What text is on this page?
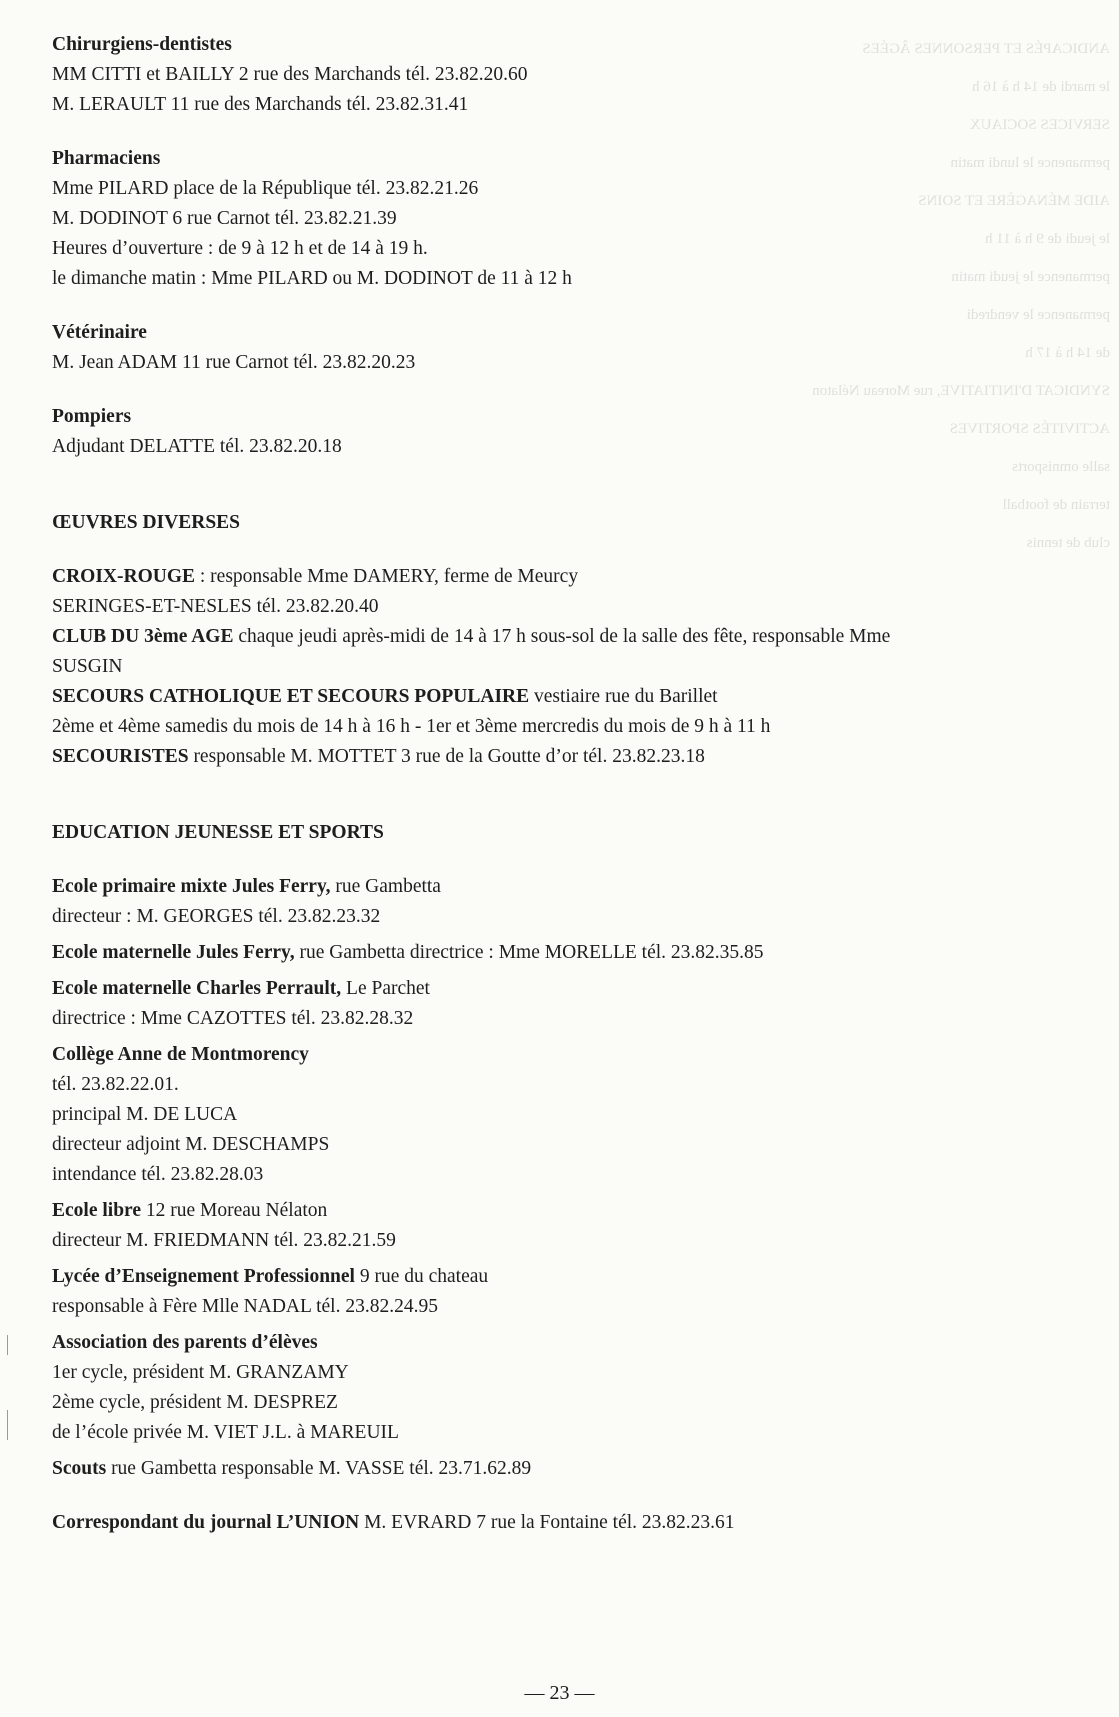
ANDICAPÉS ET PERSONNES ÂGÉES
le mardi de 14 h à 16 h
SERVICES SOCIAUX
permanence le lundi matin
AIDE MÉNAGÈRE ET SOINS
le jeudi de 9 h à 11 h
permanence le jeudi matin
permanence le vendredi
de 14 h à 17 h
SYNDICAT D'INITIATIVE, rue Moreau Nélaton
ACTIVITÉS SPORTIVES
salle omnisports
terrain de football
club de tennis
Chirurgiens-dentistes
MM CITTI et BAILLY 2 rue des Marchands tél. 23.82.20.60
M. LERAULT 11 rue des Marchands tél. 23.82.31.41
Pharmaciens
Mme PILARD place de la République tél. 23.82.21.26
M. DODINOT 6 rue Carnot tél. 23.82.21.39
Heures d’ouverture : de 9 à 12 h et de 14 à 19 h.
le dimanche matin : Mme PILARD ou M. DODINOT de 11 à 12 h
Vétérinaire
M. Jean ADAM 11 rue Carnot tél. 23.82.20.23
Pompiers
Adjudant DELATTE tél. 23.82.20.18
ŒUVRES DIVERSES
CROIX-ROUGE : responsable Mme DAMERY, ferme de Meurcy
SERINGES-ET-NESLES tél. 23.82.20.40
CLUB DU 3ème AGE chaque jeudi après-midi de 14 à 17 h sous-sol de la salle des fête, responsable Mme
SUSGIN
SECOURS CATHOLIQUE ET SECOURS POPULAIRE vestiaire rue du Barillet
2ème et 4ème samedis du mois de 14 h à 16 h - 1er et 3ème mercredis du mois de 9 h à 11 h
SECOURISTES responsable M. MOTTET 3 rue de la Goutte d’or tél. 23.82.23.18
EDUCATION JEUNESSE ET SPORTS
Ecole primaire mixte Jules Ferry, rue Gambetta
directeur : M. GEORGES tél. 23.82.23.32
Ecole maternelle Jules Ferry, rue Gambetta directrice : Mme MORELLE tél. 23.82.35.85
Ecole maternelle Charles Perrault, Le Parchet
directrice : Mme CAZOTTES tél. 23.82.28.32
Collège Anne de Montmorency
tél. 23.82.22.01.
principal M. DE LUCA
directeur adjoint M. DESCHAMPS
intendance tél. 23.82.28.03
Ecole libre 12 rue Moreau Nélaton
directeur M. FRIEDMANN tél. 23.82.21.59
Lycée d’Enseignement Professionnel 9 rue du chateau
responsable à Fère Mlle NADAL tél. 23.82.24.95
Association des parents d’élèves
1er cycle, président M. GRANZAMY
2ème cycle, président M. DESPREZ
de l’école privée M. VIET J.L. à MAREUIL
Scouts rue Gambetta responsable M. VASSE tél. 23.71.62.89
Correspondant du journal L’UNION M. EVRARD 7 rue la Fontaine tél. 23.82.23.61
— 23 —
